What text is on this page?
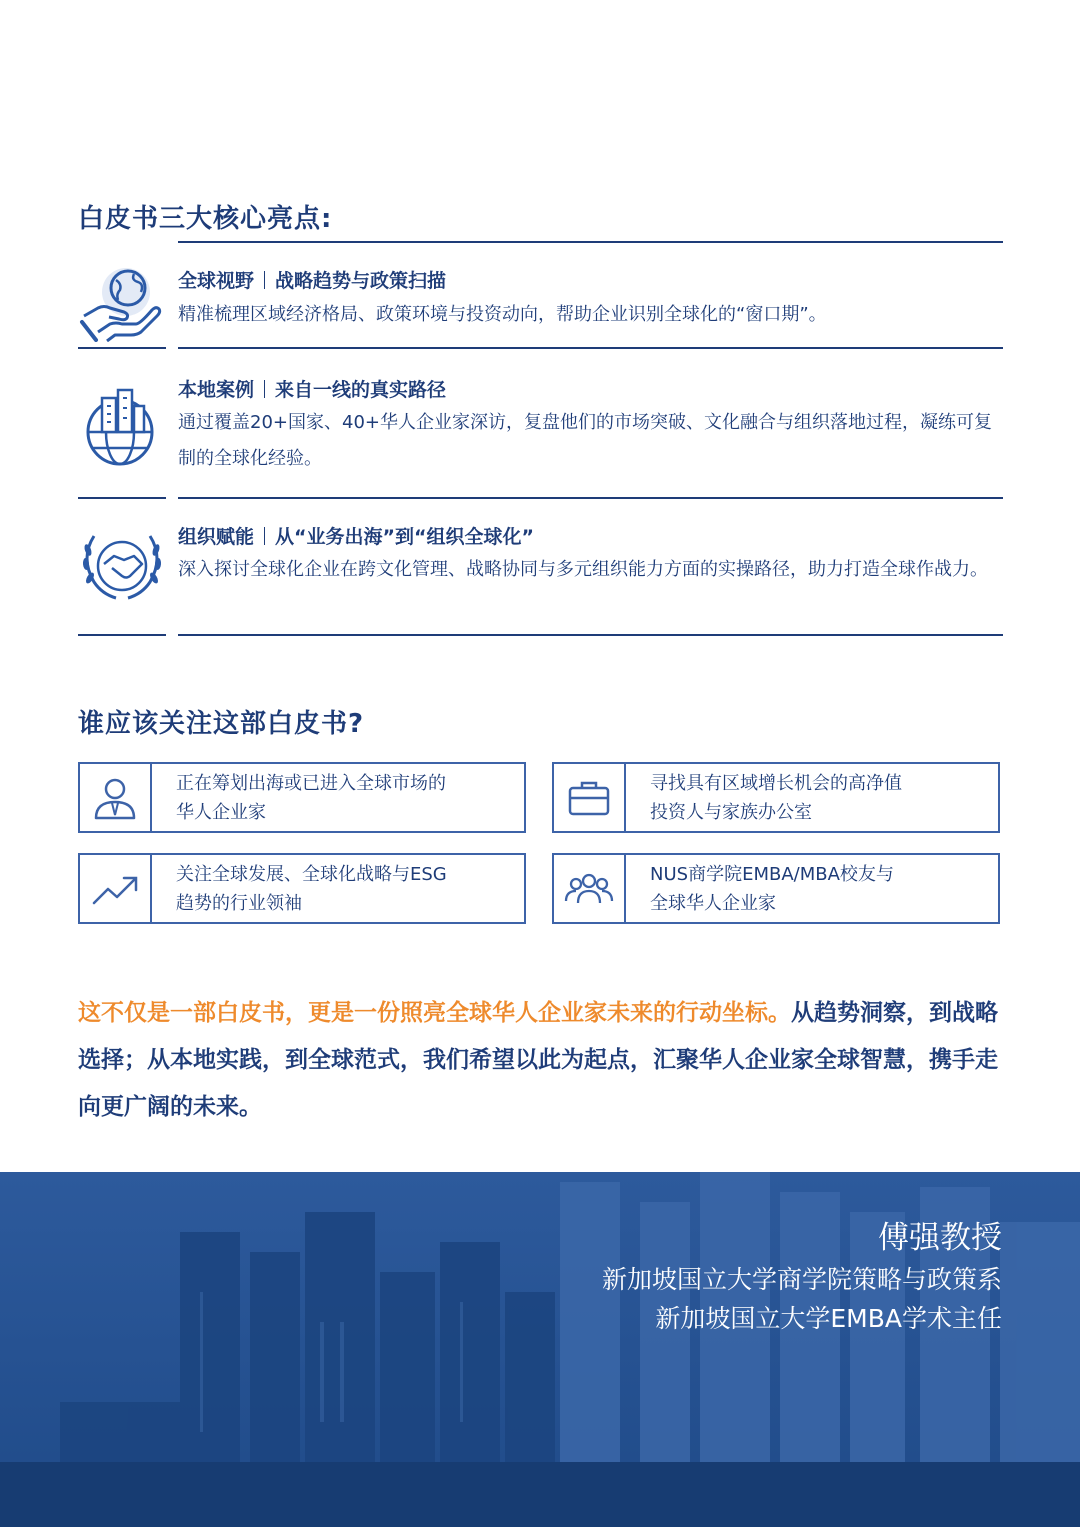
白皮书三大核心亮点:
全球视野 战略趋势与政策扫描
精准梳理区域经济格局、政策环境与投资动向，帮助企业识别全球化的“窗口期”。
本地案例 来自一线的真实路径
通过覆盖20+国家、40+华人企业家深访，复盘他们的市场突破、文化融合与组织落地过程，凝练可复制的全球化经验。
组织赋能 从“业务出海”到“组织全球化”
深入探讨全球化企业在跨文化管理、战略协同与多元组织能力方面的实操路径，助力打造全球作战力。
谁应该关注这部白皮书?
正在筹划出海或已进入全球市场的
华人企业家
寻找具有区域增长机会的高净值
投资人与家族办公室
关注全球发展、全球化战略与ESG
趋势的行业领袖
NUS商学院EMBA/MBA校友与
全球华人企业家
这不仅是一部白皮书，更是一份照亮全球华人企业家未来的行动坐标。从趋势洞察，到战略选择；从本地实践，到全球范式，我们希望以此为起点，汇聚华人企业家全球智慧，携手走向更广阔的未来。
傅强教授
新加坡国立大学商学院策略与政策系
新加坡国立大学EMBA学术主任
